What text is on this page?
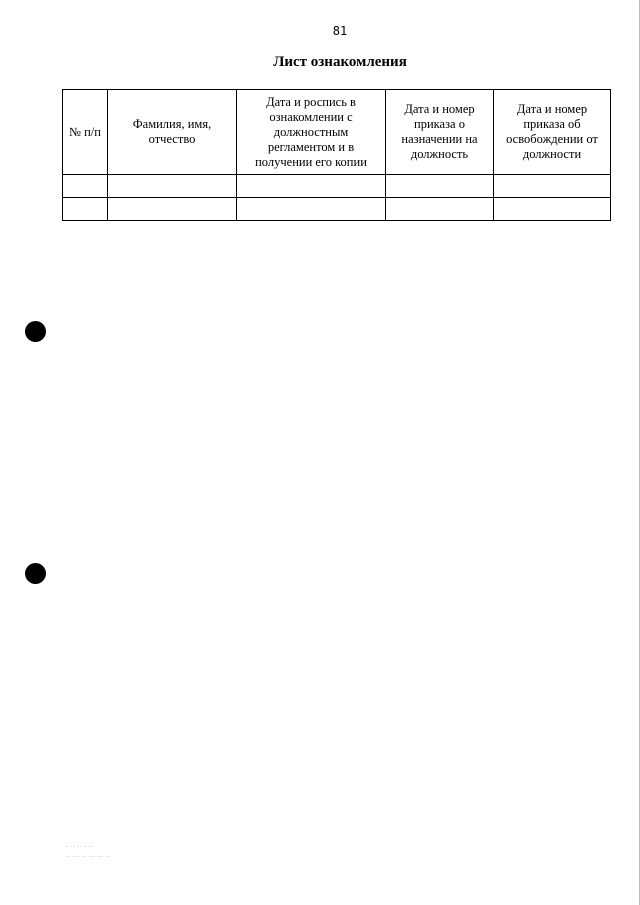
81
Лист ознакомления
№ п/п	Фамилия, имя, отчество	Дата и роспись в ознакомлении с должностным регламентом и в получении его копии	Дата и номер приказа о назначении на должность	Дата и номер приказа об освобождении от должности

· ·· ·· · ··
·· ··· ·· ··· ··· ··
